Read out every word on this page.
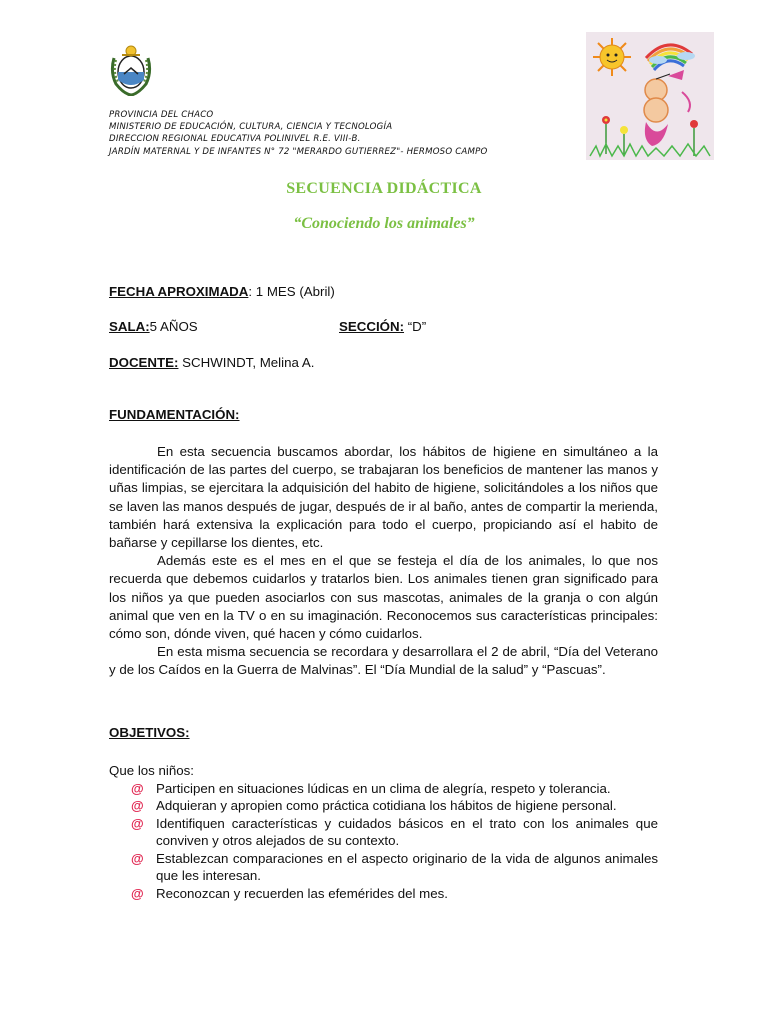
PROVINCIA DEL CHACO
MINISTERIO DE EDUCACIÓN, CULTURA, CIENCIA Y TECNOLOGÍA
DIRECCION REGIONAL EDUCATIVA POLINIVEL R.E. VIII-B.
JARDÍN MATERNAL Y DE INFANTES N° 72 "MERARDO GUTIERREZ"- HERMOSO CAMPO
SECUENCIA DIDÁCTICA
“Conociendo los animales”
FECHA APROXIMADA: 1 MES (Abril)
SALA:5 AÑOS	SECCIÓN: “D”
DOCENTE: SCHWINDT, Melina A.
FUNDAMENTACIÓN:

En esta secuencia buscamos abordar, los hábitos de higiene en simultáneo a la identificación de las partes del cuerpo, se trabajaran los beneficios de mantener las manos y uñas limpias, se ejercitara la adquisición del habito de higiene, solicitándoles a los niños que se laven las manos después de jugar, después de ir al baño, antes de compartir la merienda, también hará extensiva la explicación para todo el cuerpo, propiciando así el habito de bañarse y cepillarse los dientes, etc.

Además este es el mes en el que se festeja el día de los animales, lo que nos recuerda que debemos cuidarlos y tratarlos bien. Los animales tienen gran significado para los niños ya que pueden asociarlos con sus mascotas, animales de la granja o con algún animal que ven en la TV o en su imaginación. Reconocemos sus características principales: cómo son, dónde viven, qué hacen y cómo cuidarlos.

En esta misma secuencia se recordara y desarrollara el 2 de abril, “Día del Veterano y de los Caídos en la Guerra de Malvinas”. El “Día Mundial de la salud” y “Pascuas”.

OBJETIVOS:
Que los niños:
@ Participen en situaciones lúdicas en un clima de alegría, respeto y tolerancia.
@ Adquieran y apropien como práctica cotidiana los hábitos de higiene personal.
@ Identifiquen características y cuidados básicos en el trato con los animales que conviven y otros alejados de su contexto.
@ Establezcan comparaciones en el aspecto originario de la vida de algunos animales que les interesan.
@ Reconozcan y recuerden las efemérides del mes.
